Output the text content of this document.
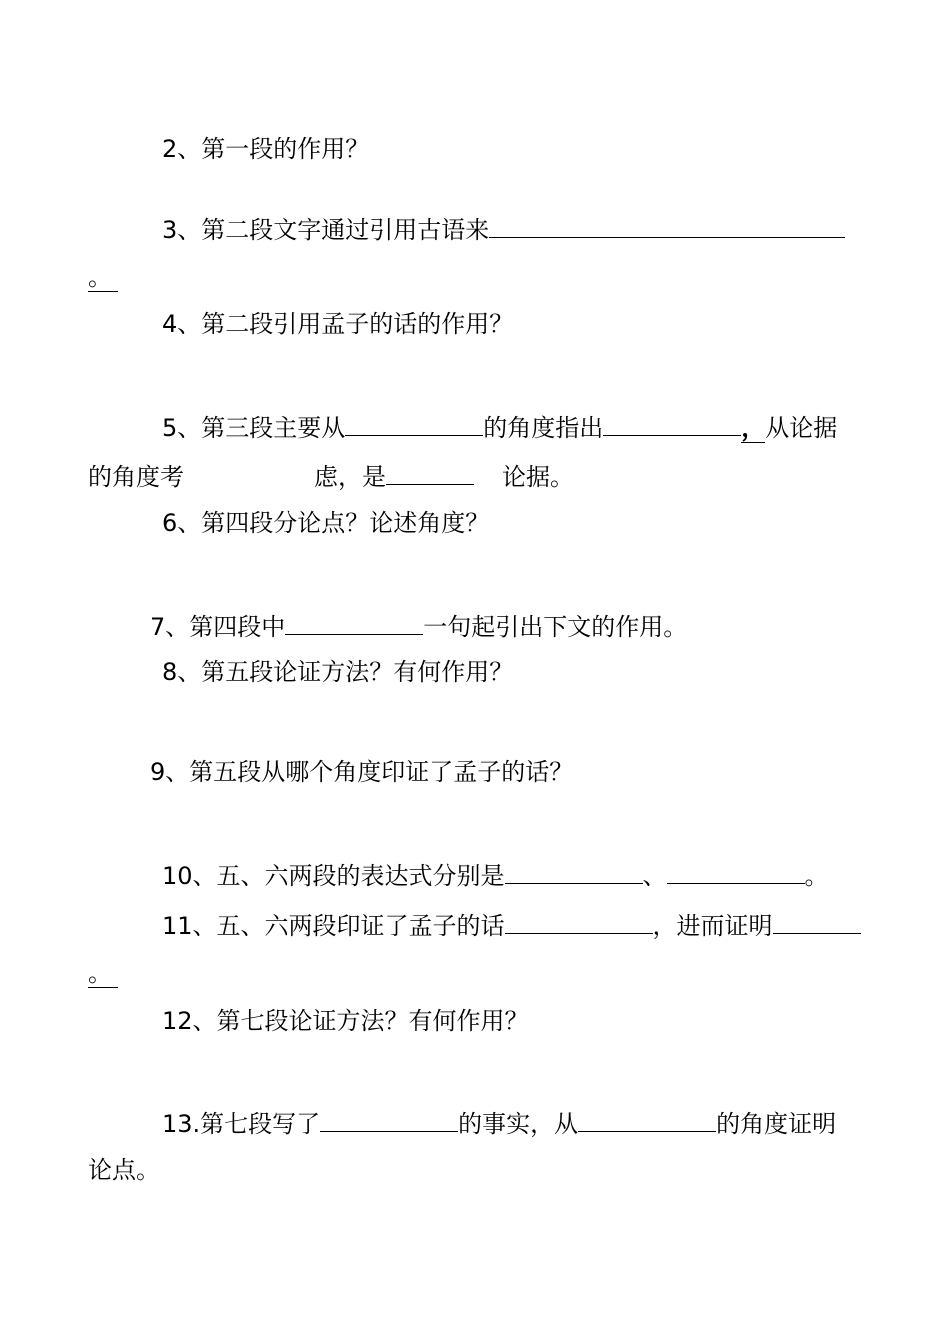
2、第一段的作用？
3、第二段文字通过引用古语来
。
4、第二段引用孟子的话的作用？
5、第三段主要从	的角度指出	，从论据
的角度考	虑，是	论据。
6、第四段分论点？论述角度？
7、第四段中	一句起引出下文的作用。
8、第五段论证方法？有何作用？
9、第五段从哪个角度印证了孟子的话？
10、五、六两段的表达式分别是	、	。
11、五、六两段印证了孟子的话	，进而证明
。
12、第七段论证方法？有何作用？
13.第七段写了	的事实，从	的角度证明
论点。
